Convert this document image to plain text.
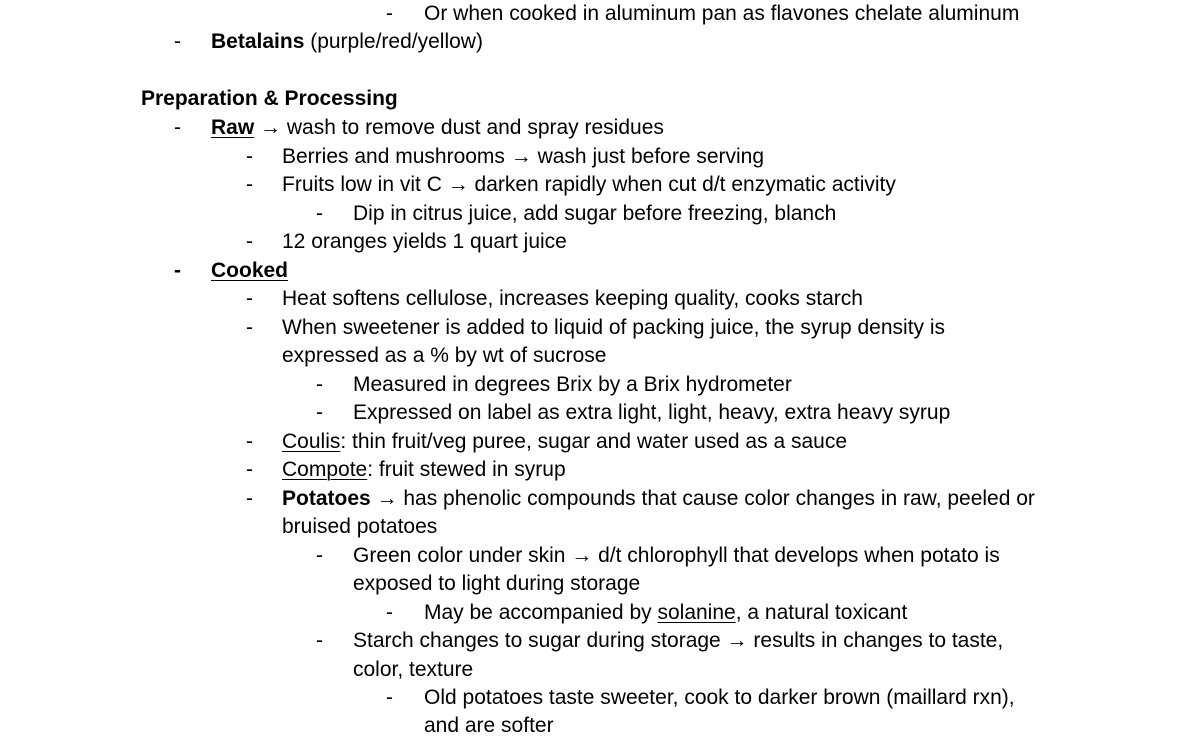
- Or when cooked in aluminum pan as flavones chelate aluminum
- Betalains (purple/red/yellow)
Preparation & Processing
- Raw → wash to remove dust and spray residues
- Berries and mushrooms → wash just before serving
- Fruits low in vit C → darken rapidly when cut d/t enzymatic activity
- Dip in citrus juice, add sugar before freezing, blanch
- 12 oranges yields 1 quart juice
- Cooked
- Heat softens cellulose, increases keeping quality, cooks starch
- When sweetener is added to liquid of packing juice, the syrup density is
expressed as a % by wt of sucrose
- Measured in degrees Brix by a Brix hydrometer
- Expressed on label as extra light, light, heavy, extra heavy syrup
- Coulis: thin fruit/veg puree, sugar and water used as a sauce
- Compote: fruit stewed in syrup
- Potatoes → has phenolic compounds that cause color changes in raw, peeled or
bruised potatoes
- Green color under skin → d/t chlorophyll that develops when potato is
exposed to light during storage
- May be accompanied by solanine, a natural toxicant
- Starch changes to sugar during storage → results in changes to taste,
color, texture
- Old potatoes taste sweeter, cook to darker brown (maillard rxn),
and are softer
